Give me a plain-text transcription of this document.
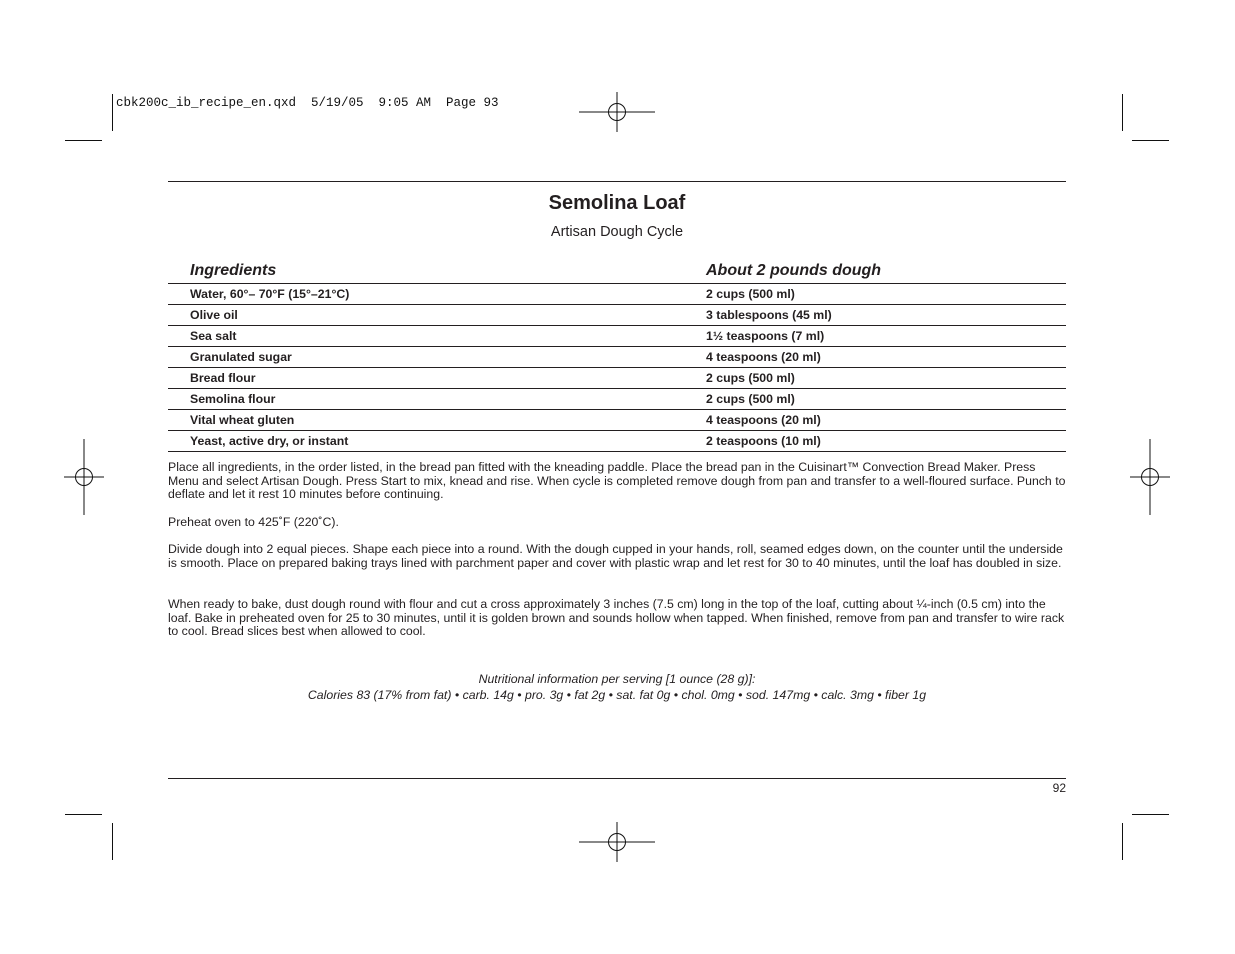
cbk200c_ib_recipe_en.qxd  5/19/05  9:05 AM  Page 93
Semolina Loaf
Artisan Dough Cycle
Ingredients	About 2 pounds dough
Water, 60°– 70°F (15°–21°C)	2 cups (500 ml)
Olive oil	3 tablespoons (45 ml)
Sea salt	1½ teaspoons (7 ml)
Granulated sugar	4 teaspoons (20 ml)
Bread flour	2 cups (500 ml)
Semolina flour	2 cups (500 ml)
Vital wheat gluten	4 teaspoons (20 ml)
Yeast, active dry, or instant	2 teaspoons (10 ml)

Place all ingredients, in the order listed, in the bread pan fitted with the kneading paddle. Place the bread pan in the Cuisinart™ Convection Bread Maker. Press Menu and select Artisan Dough. Press Start to mix, knead and rise. When cycle is completed remove dough from pan and transfer to a well-floured surface. Punch to deflate and let it rest 10 minutes before continuing.

Preheat oven to 425˚F (220˚C).

Divide dough into 2 equal pieces. Shape each piece into a round. With the dough cupped in your hands, roll, seamed edges down, on the counter until the underside is smooth. Place on prepared baking trays lined with parchment paper and cover with plastic wrap and let rest for 30 to 40 minutes, until the loaf has doubled in size.

When ready to bake, dust dough round with flour and cut a cross approximately 3 inches (7.5 cm) long in the top of the loaf, cutting about ¼-inch (0.5 cm) into the loaf. Bake in preheated oven for 25 to 30 minutes, until it is golden brown and sounds hollow when tapped. When finished, remove from pan and transfer to wire rack to cool. Bread slices best when allowed to cool.

Nutritional information per serving [1 ounce (28 g)]:
Calories 83 (17% from fat) • carb. 14g • pro. 3g • fat 2g • sat. fat 0g • chol. 0mg • sod. 147mg • calc. 3mg • fiber 1g
92
